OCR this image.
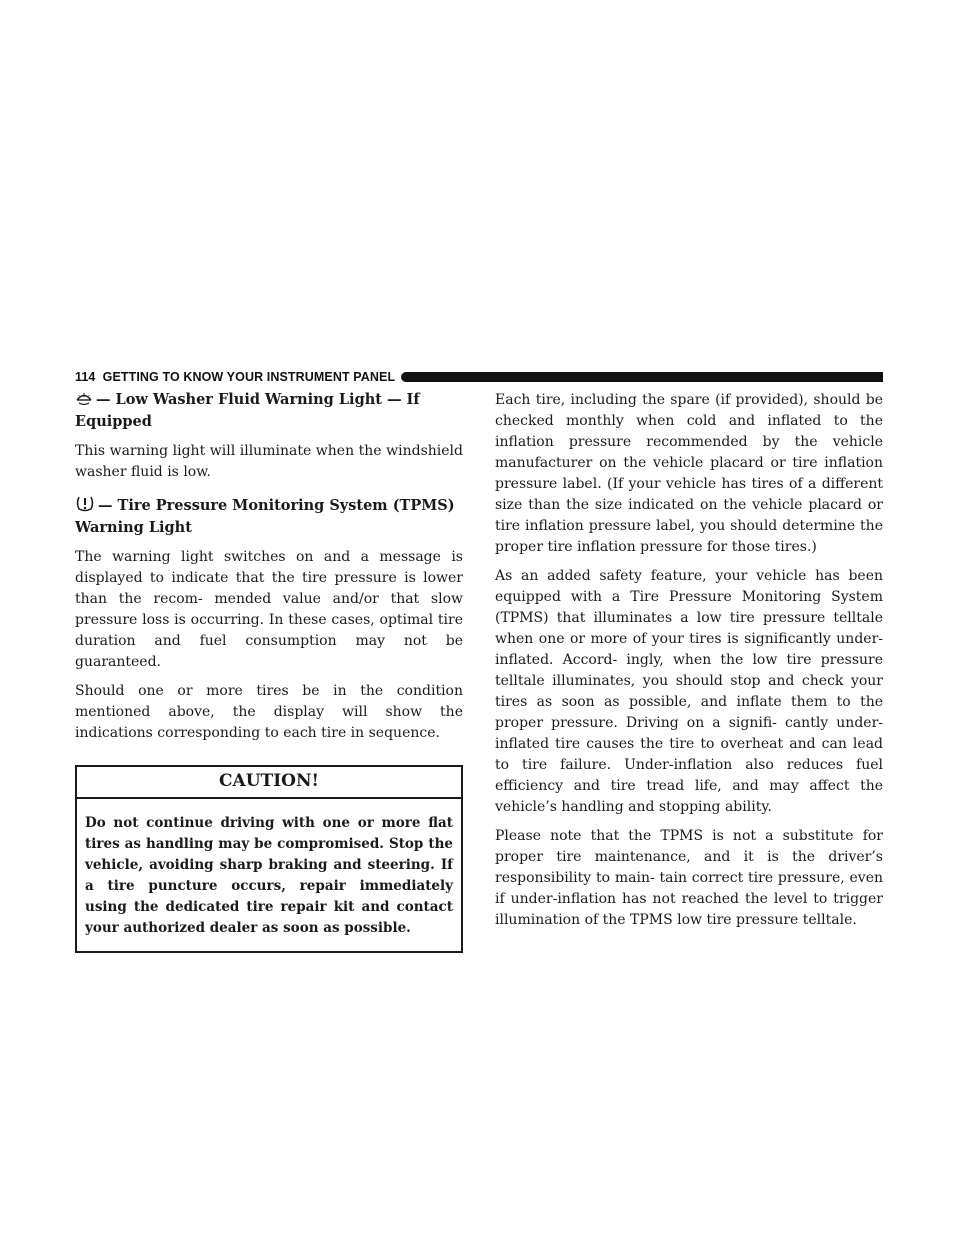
114 GETTING TO KNOW YOUR INSTRUMENT PANEL
— Low Washer Fluid Warning Light — If Equipped

This warning light will illuminate when the windshield washer fluid is low.

— Tire Pressure Monitoring System (TPMS) Warning Light

The warning light switches on and a message is displayed to indicate that the tire pressure is lower than the recom- mended value and/or that slow pressure loss is occurring. In these cases, optimal tire duration and fuel consumption may not be guaranteed.

Should one or more tires be in the condition mentioned above, the display will show the indications corresponding to each tire in sequence.

CAUTION!
Do not continue driving with one or more flat tires as handling may be compromised. Stop the vehicle, avoiding sharp braking and steering. If a tire puncture occurs, repair immediately using the dedicated tire repair kit and contact your authorized dealer as soon as possible.

Each tire, including the spare (if provided), should be checked monthly when cold and inflated to the inflation pressure recommended by the vehicle manufacturer on the vehicle placard or tire inflation pressure label. (If your vehicle has tires of a different size than the size indicated on the vehicle placard or tire inflation pressure label, you should determine the proper tire inflation pressure for those tires.)

As an added safety feature, your vehicle has been equipped with a Tire Pressure Monitoring System (TPMS) that illuminates a low tire pressure telltale when one or more of your tires is significantly under-inflated. Accord- ingly, when the low tire pressure telltale illuminates, you should stop and check your tires as soon as possible, and inflate them to the proper pressure. Driving on a signifi- cantly under-inflated tire causes the tire to overheat and can lead to tire failure. Under-inflation also reduces fuel efficiency and tire tread life, and may affect the vehicle’s handling and stopping ability.

Please note that the TPMS is not a substitute for proper tire maintenance, and it is the driver’s responsibility to main- tain correct tire pressure, even if under-inflation has not reached the level to trigger illumination of the TPMS low tire pressure telltale.
